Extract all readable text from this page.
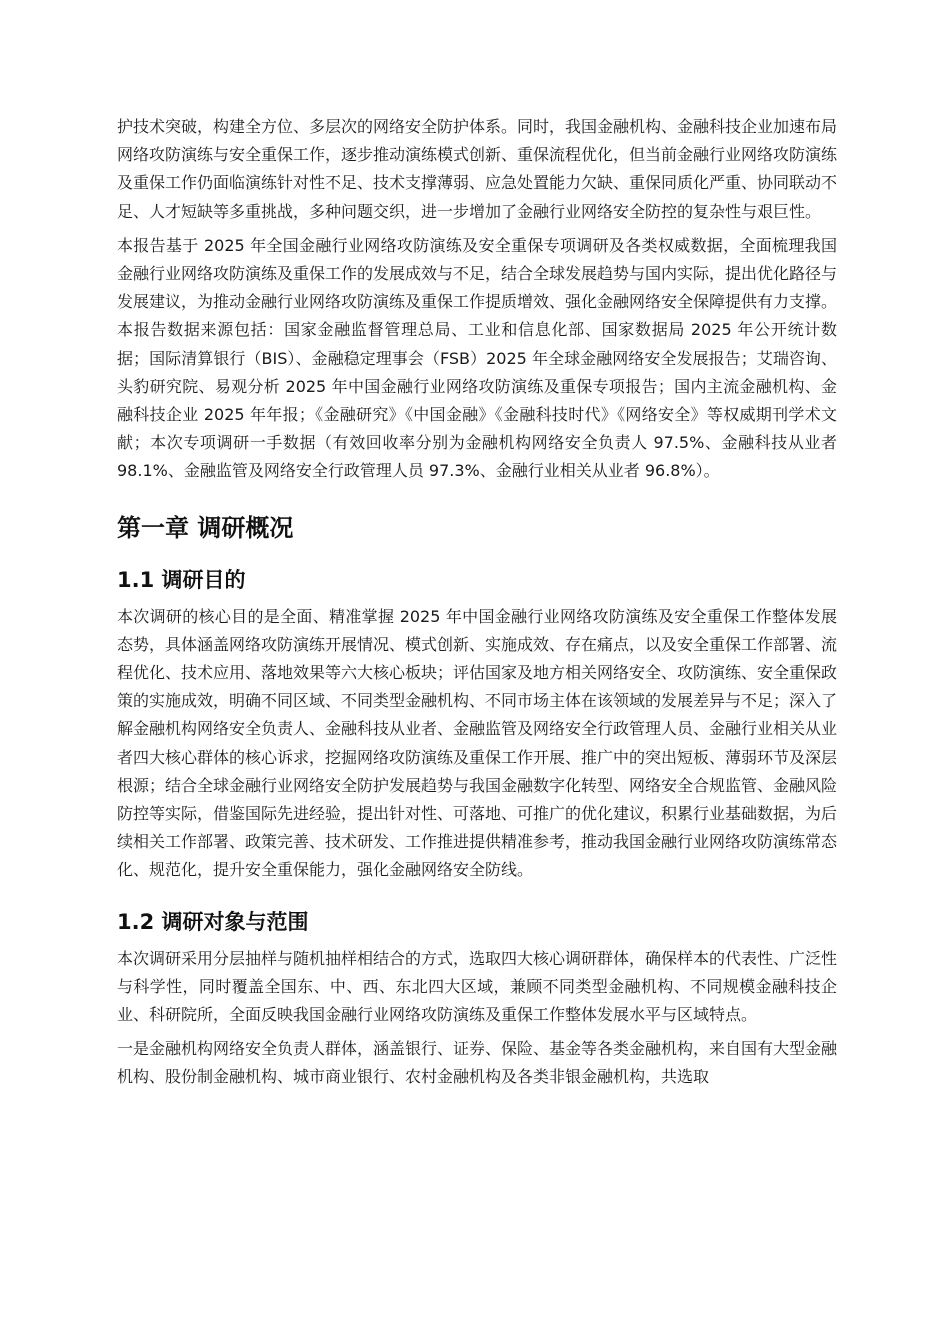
护技术突破，构建全方位、多层次的网络安全防护体系。同时，我国金融机构、金融科技企业加速布局网络攻防演练与安全重保工作，逐步推动演练模式创新、重保流程优化，但当前金融行业网络攻防演练及重保工作仍面临演练针对性不足、技术支撑薄弱、应急处置能力欠缺、重保同质化严重、协同联动不足、人才短缺等多重挑战，多种问题交织，进一步增加了金融行业网络安全防控的复杂性与艰巨性。

本报告基于 2025 年全国金融行业网络攻防演练及安全重保专项调研及各类权威数据，全面梳理我国金融行业网络攻防演练及重保工作的发展成效与不足，结合全球发展趋势与国内实际，提出优化路径与发展建议，为推动金融行业网络攻防演练及重保工作提质增效、强化金融网络安全保障提供有力支撑。本报告数据来源包括：国家金融监督管理总局、工业和信息化部、国家数据局 2025 年公开统计数据；国际清算银行（BIS）、金融稳定理事会（FSB）2025 年全球金融网络安全发展报告；艾瑞咨询、头豹研究院、易观分析 2025 年中国金融行业网络攻防演练及重保专项报告；国内主流金融机构、金融科技企业 2025 年年报；《金融研究》《中国金融》《金融科技时代》《网络安全》等权威期刊学术文献；本次专项调研一手数据（有效回收率分别为金融机构网络安全负责人 97.5%、金融科技从业者 98.1%、金融监管及网络安全行政管理人员 97.3%、金融行业相关从业者 96.8%）。

第一章 调研概况
1.1 调研目的

本次调研的核心目的是全面、精准掌握 2025 年中国金融行业网络攻防演练及安全重保工作整体发展态势，具体涵盖网络攻防演练开展情况、模式创新、实施成效、存在痛点，以及安全重保工作部署、流程优化、技术应用、落地效果等六大核心板块；评估国家及地方相关网络安全、攻防演练、安全重保政策的实施成效，明确不同区域、不同类型金融机构、不同市场主体在该领域的发展差异与不足；深入了解金融机构网络安全负责人、金融科技从业者、金融监管及网络安全行政管理人员、金融行业相关从业者四大核心群体的核心诉求，挖掘网络攻防演练及重保工作开展、推广中的突出短板、薄弱环节及深层根源；结合全球金融行业网络安全防护发展趋势与我国金融数字化转型、网络安全合规监管、金融风险防控等实际，借鉴国际先进经验，提出针对性、可落地、可推广的优化建议，积累行业基础数据，为后续相关工作部署、政策完善、技术研发、工作推进提供精准参考，推动我国金融行业网络攻防演练常态化、规范化，提升安全重保能力，强化金融网络安全防线。

1.2 调研对象与范围

本次调研采用分层抽样与随机抽样相结合的方式，选取四大核心调研群体，确保样本的代表性、广泛性与科学性，同时覆盖全国东、中、西、东北四大区域，兼顾不同类型金融机构、不同规模金融科技企业、科研院所，全面反映我国金融行业网络攻防演练及重保工作整体发展水平与区域特点。

一是金融机构网络安全负责人群体，涵盖银行、证券、保险、基金等各类金融机构，来自国有大型金融机构、股份制金融机构、城市商业银行、农村金融机构及各类非银金融机构，共选取
